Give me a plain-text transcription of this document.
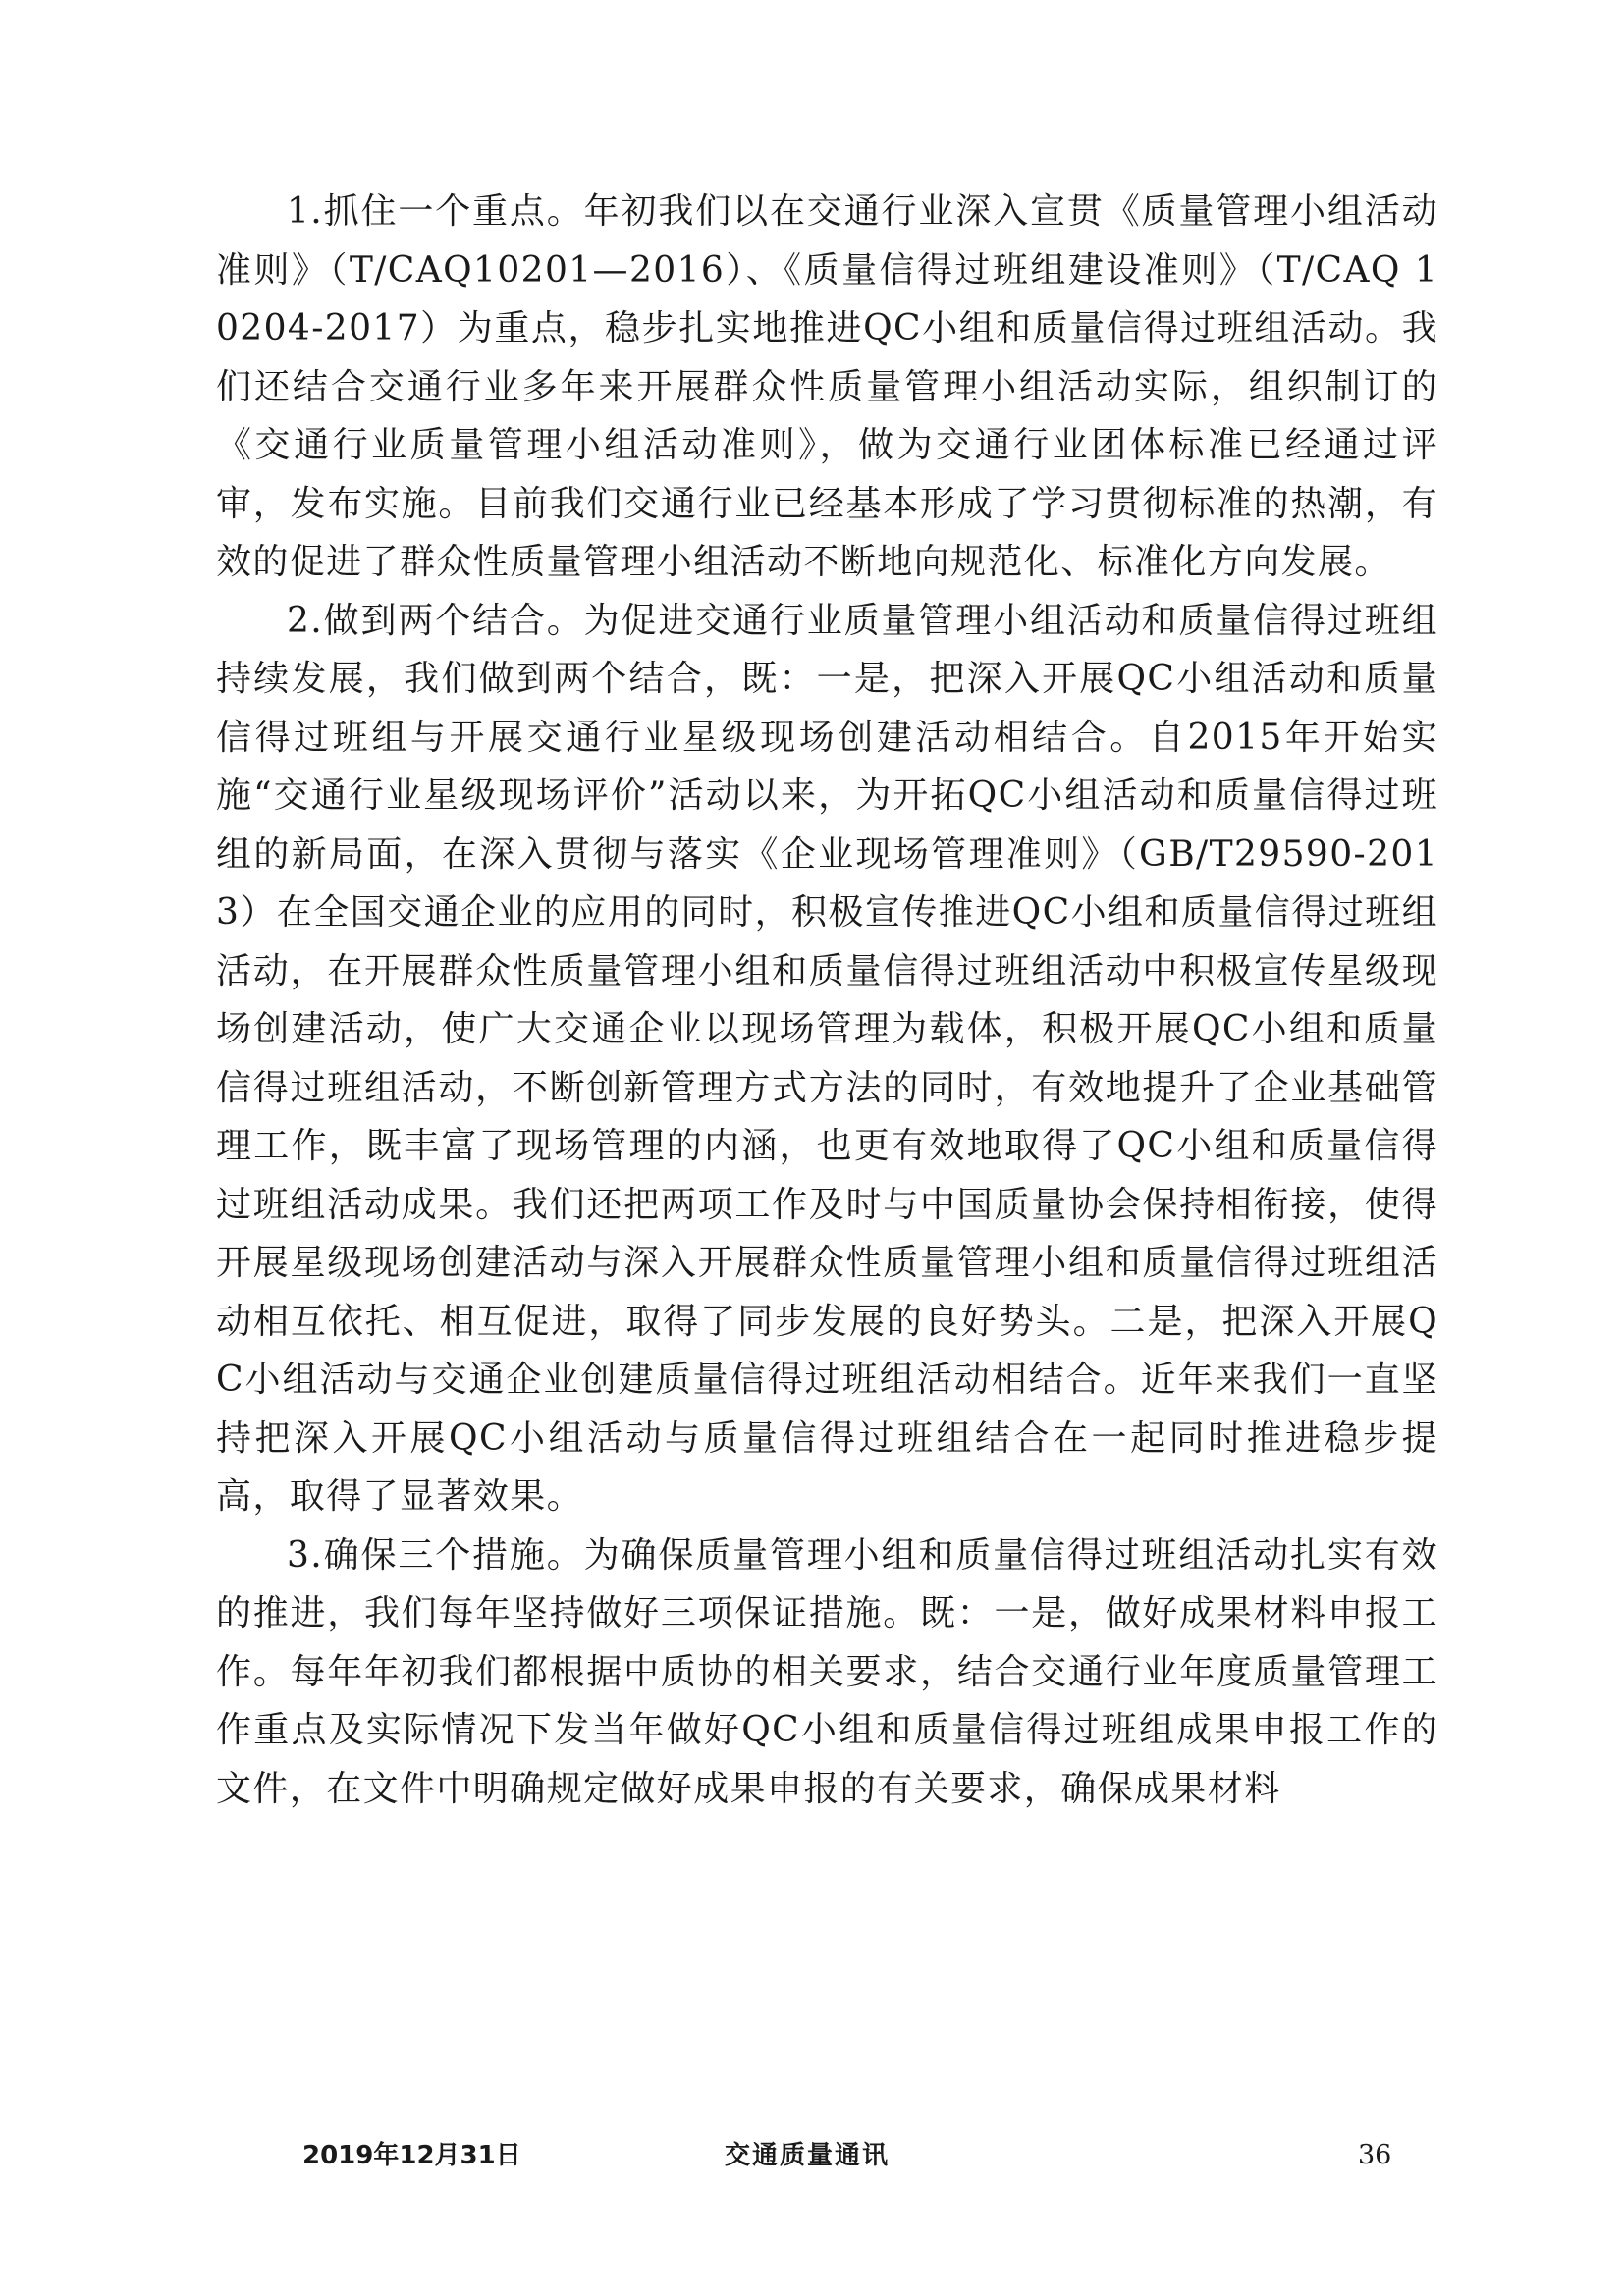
1.抓住一个重点。年初我们以在交通行业深入宣贯《质量管理小组活动准则》（T/CAQ10201—2016）、《质量信得过班组建设准则》（T/CAQ 10204-2017）为重点，稳步扎实地推进QC小组和质量信得过班组活动。我们还结合交通行业多年来开展群众性质量管理小组活动实际，组织制订的《交通行业质量管理小组活动准则》，做为交通行业团体标准已经通过评审，发布实施。目前我们交通行业已经基本形成了学习贯彻标准的热潮，有效的促进了群众性质量管理小组活动不断地向规范化、标准化方向发展。

2.做到两个结合。为促进交通行业质量管理小组活动和质量信得过班组持续发展，我们做到两个结合，既：一是，把深入开展QC小组活动和质量信得过班组与开展交通行业星级现场创建活动相结合。自2015年开始实施“交通行业星级现场评价”活动以来，为开拓QC小组活动和质量信得过班组的新局面，在深入贯彻与落实《企业现场管理准则》（GB/T29590-2013）在全国交通企业的应用的同时，积极宣传推进QC小组和质量信得过班组活动，在开展群众性质量管理小组和质量信得过班组活动中积极宣传星级现场创建活动，使广大交通企业以现场管理为载体，积极开展QC小组和质量信得过班组活动，不断创新管理方式方法的同时，有效地提升了企业基础管理工作，既丰富了现场管理的内涵，也更有效地取得了QC小组和质量信得过班组活动成果。我们还把两项工作及时与中国质量协会保持相衔接，使得开展星级现场创建活动与深入开展群众性质量管理小组和质量信得过班组活动相互依托、相互促进，取得了同步发展的良好势头。二是，把深入开展QC小组活动与交通企业创建质量信得过班组活动相结合。近年来我们一直坚持把深入开展QC小组活动与质量信得过班组结合在一起同时推进稳步提高，取得了显著效果。

3.确保三个措施。为确保质量管理小组和质量信得过班组活动扎实有效的推进，我们每年坚持做好三项保证措施。既：一是，做好成果材料申报工作。每年年初我们都根据中质协的相关要求，结合交通行业年度质量管理工作重点及实际情况下发当年做好QC小组和质量信得过班组成果申报工作的文件，在文件中明确规定做好成果申报的有关要求，确保成果材料

2019年12月31日	交通质量通讯	36
